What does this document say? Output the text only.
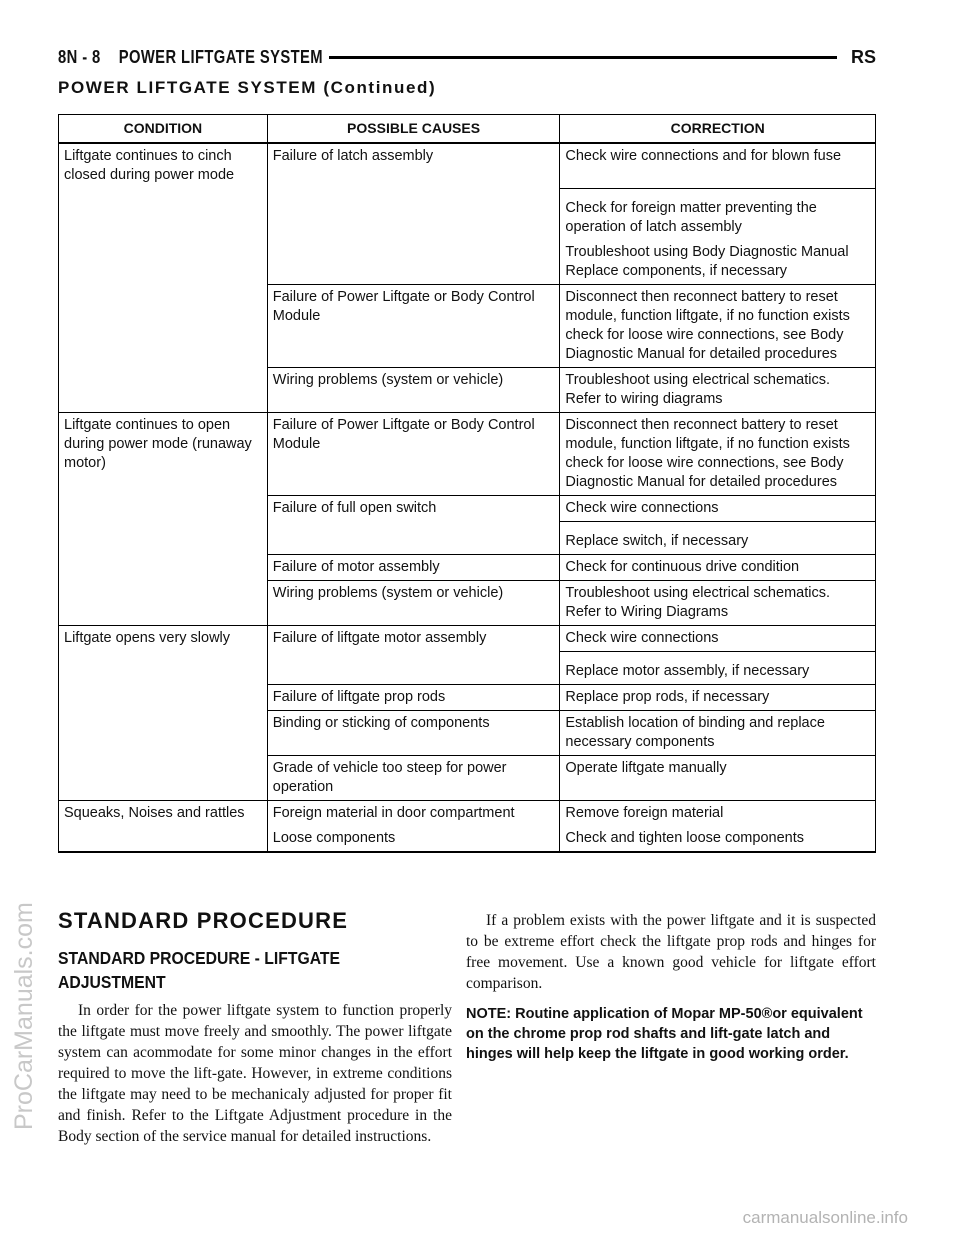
8N - 8    POWER LIFTGATE SYSTEM	RS
POWER LIFTGATE SYSTEM (Continued)
CONDITION	POSSIBLE CAUSES	CORRECTION
Liftgate continues to cinch closed during power mode	Failure of latch assembly	Check wire connections and for blown fuse
		Check for foreign matter preventing the operation of latch assembly
		Troubleshoot using Body Diagnostic Manual Replace components, if necessary
	Failure of Power Liftgate or Body Control Module	Disconnect then reconnect battery to reset module, function liftgate, if no function exists check for loose wire connections, see Body Diagnostic Manual for detailed procedures
	Wiring problems (system or vehicle)	Troubleshoot using electrical schematics. Refer to wiring diagrams
Liftgate continues to open during power mode (runaway motor)	Failure of Power Liftgate or Body Control Module	Disconnect then reconnect battery to reset module, function liftgate, if no function exists check for loose wire connections, see Body Diagnostic Manual for detailed procedures
	Failure of full open switch	Check wire connections
		Replace switch, if necessary
	Failure of motor assembly	Check for continuous drive condition
	Wiring problems (system or vehicle)	Troubleshoot using electrical schematics. Refer to Wiring Diagrams
Liftgate opens very slowly	Failure of liftgate motor assembly	Check wire connections
		Replace motor assembly, if necessary
	Failure of liftgate prop rods	Replace prop rods, if necessary
	Binding or sticking of components	Establish location of binding and replace necessary components
	Grade of vehicle too steep for power operation	Operate liftgate manually
Squeaks, Noises and rattles	Foreign material in door compartment	Remove foreign material
	Loose components	Check and tighten loose components
STANDARD PROCEDURE
STANDARD PROCEDURE - LIFTGATE ADJUSTMENT

In order for the power liftgate system to function properly the liftgate must move freely and smoothly. The power liftgate system can acommodate for some minor changes in the effort required to move the lift-gate. However, in extreme conditions the liftgate may need to be mechanicaly adjusted for proper fit and finish. Refer to the Liftgate Adjustment procedure in the Body section of the service manual for detailed instructions.

If a problem exists with the power liftgate and it is suspected to be extreme effort check the liftgate prop rods and hinges for free movement. Use a known good vehicle for liftgate effort comparison.

NOTE: Routine application of Mopar MP-50®or equivalent on the chrome prop rod shafts and lift-gate latch and hinges will help keep the liftgate in good working order.

ProCarManuals.com
carmanualsonline.info
